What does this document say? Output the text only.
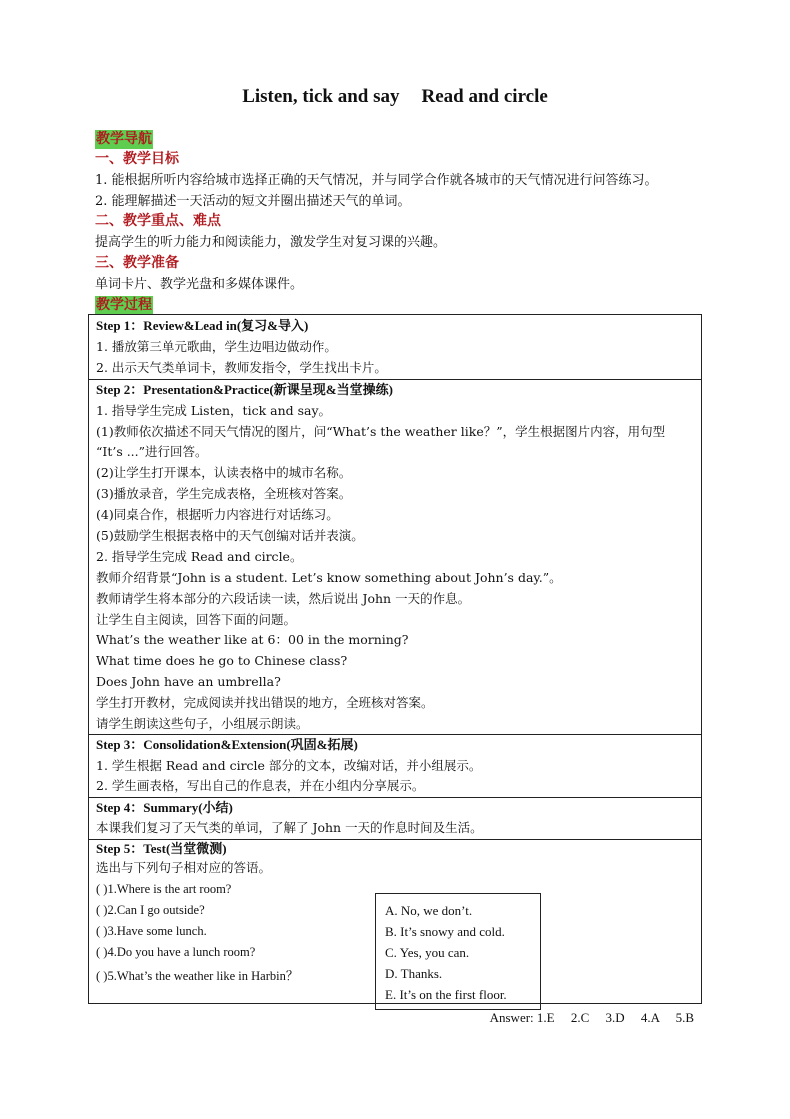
Listen, tick and say Read and circle
教学导航
一、教学目标
1. 能根据所听内容给城市选择正确的天气情况，并与同学合作就各城市的天气情况进行问答练习。
2. 能理解描述一天活动的短文并圈出描述天气的单词。
二、教学重点、难点
提高学生的听力能力和阅读能力，激发学生对复习课的兴趣。
三、教学准备
单词卡片、教学光盘和多媒体课件。
教学过程
Step 1：Review&Lead in(复习&导入)
1. 播放第三单元歌曲，学生边唱边做动作。
2. 出示天气类单词卡，教师发指令，学生找出卡片。
Step 2：Presentation&Practice(新课呈现&当堂操练)
1. 指导学生完成 Listen，tick and say。
(1)教师依次描述不同天气情况的图片，问“What’s the weather like？”，学生根据图片内容，用句型
“It’s ...”进行回答。
(2)让学生打开课本，认读表格中的城市名称。
(3)播放录音，学生完成表格，全班核对答案。
(4)同桌合作，根据听力内容进行对话练习。
(5)鼓励学生根据表格中的天气创编对话并表演。
2. 指导学生完成 Read and circle。
教师介绍背景“John is a student. Let’s know something about John’s day.”。
教师请学生将本部分的六段话读一读，然后说出 John 一天的作息。
让学生自主阅读，回答下面的问题。
What’s the weather like at 6：00 in the morning?
What time does he go to Chinese class?
Does John have an umbrella?
学生打开教材，完成阅读并找出错误的地方，全班核对答案。
请学生朗读这些句子，小组展示朗读。
Step 3：Consolidation&Extension(巩固&拓展)
1. 学生根据 Read and circle 部分的文本，改编对话，并小组展示。
2. 学生画表格，写出自己的作息表，并在小组内分享展示。
Step 4：Summary(小结)
本课我们复习了天气类的单词，了解了 John 一天的作息时间及生活。
Step 5：Test(当堂微测)
选出与下列句子相对应的答语。
( )1.Where is the art room?
( )2.Can I go outside?
( )3.Have some lunch.
( )4.Do you have a lunch room?
( )5.What’s the weather like in Harbin？
A. No, we don’t.
B. It’s snowy and cold.
C. Yes, you can.
D. Thanks.
E. It’s on the first floor.
Answer: 1.E     2.C     3.D     4.A     5.B
